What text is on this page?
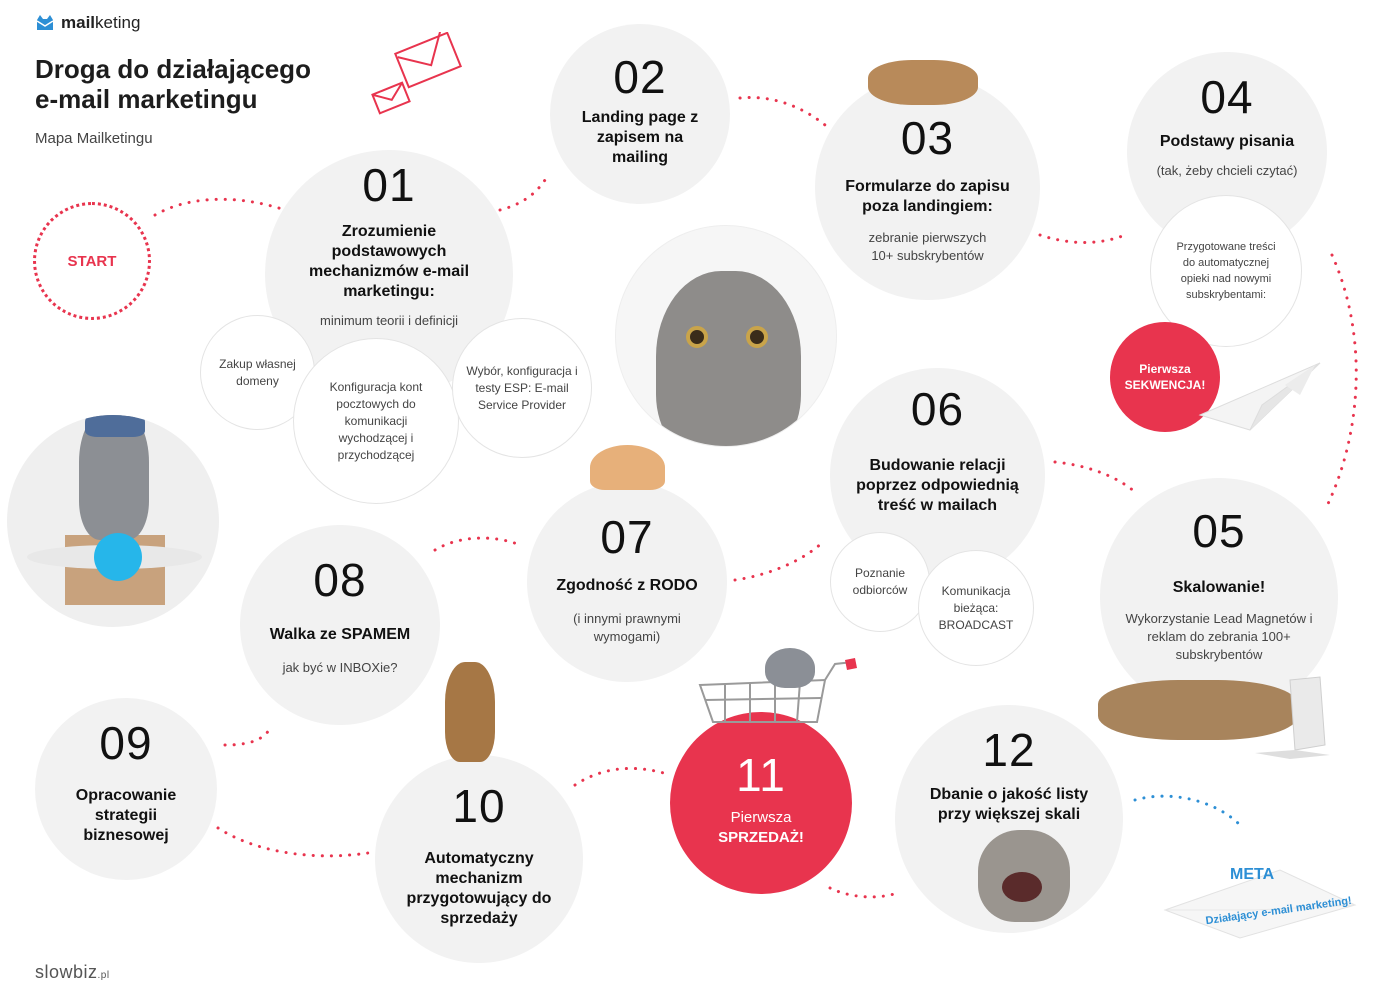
mailketing
Droga do działającego
e-mail marketingu
Mapa Mailketingu
START
01
Zrozumienie podstawowych mechanizmów e-mail marketingu:
minimum teorii i definicji
Zakup własnej domeny	Konfiguracja kont pocztowych do komunikacji wychodzącej i przychodzącej
Wybór, konfiguracja i testy ESP: E-mail Service Provider
02
Landing page z zapisem na mailing	03
Formularze do zapisu poza landingiem:
zebranie pierwszych 10+ subskrybentów
04
Podstawy pisania
(tak, żeby chcieli czytać)
Przygotowane treści do automatycznej opieki nad nowymi subskrybentami:
Pierwsza
SEKWENCJA!
05
Skalowanie!
Wykorzystanie Lead Magnetów i reklam do zebrania 100+ subskrybentów
06
Budowanie relacji poprzez odpowiednią treść w mailach
Poznanie odbiorców	Komunikacja bieżąca: BROADCAST
07
Zgodność z RODO
(i innymi prawnymi wymogami)
08
Walka ze SPAMEM
jak być w INBOXie?
09
Opracowanie strategii biznesowej
10
Automatyczny mechanizm przygotowujący do sprzedaży
11
Pierwsza
SPRZEDAŻ!
12
Dbanie o jakość listy przy większej skali
META
Działający e-mail marketing!
slowbiz.pl
